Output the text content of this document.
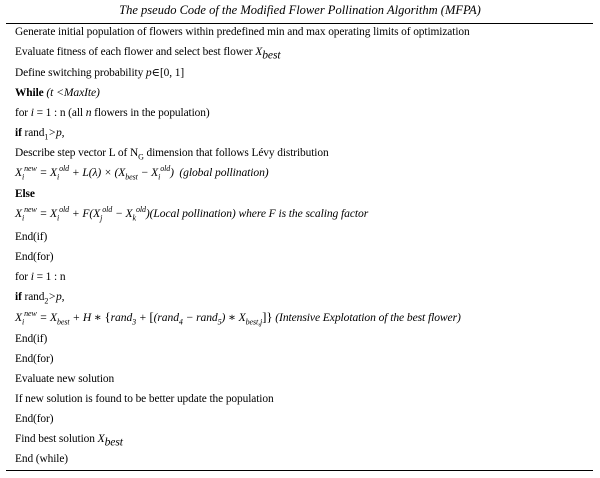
The pseudo Code of the Modified Flower Pollination Algorithm (MFPA)
Generate initial population of flowers within predefined min and max operating limits of optimization
Evaluate fitness of each flower and select best flower $X_{best}$
Define switching probability p∈[0, 1]
While (t <MaxIte)
for i = 1 : n (all n flowers in the population)
if rand$_1$>p,
Describe step vector L of $N_G$ dimension that follows Lévy distribution
$X_i^{new} = X_i^{old} + L(\lambda) \times (X_{best} - X_i^{old})$ (global pollination)
Else
$X_i^{new} = X_i^{old} + F(X_j^{old}$ − $X_k^{old})(Local$ pollination) where F is the scaling factor
End(if)
End(for)
for i = 1 : n
if rand$_2$>p,
$X_i^{new} = X_{best} + H$ ∗ {rand$_3$ + [(rand$_4$ − rand$_5$) ∗ $X_{best,j}$]} (Intensive Explotation of the best flower)
End(if)
End(for)
Evaluate new solution
If new solution is found to be better update the population
End(for)
Find best solution $X_{best}$
End (while)
